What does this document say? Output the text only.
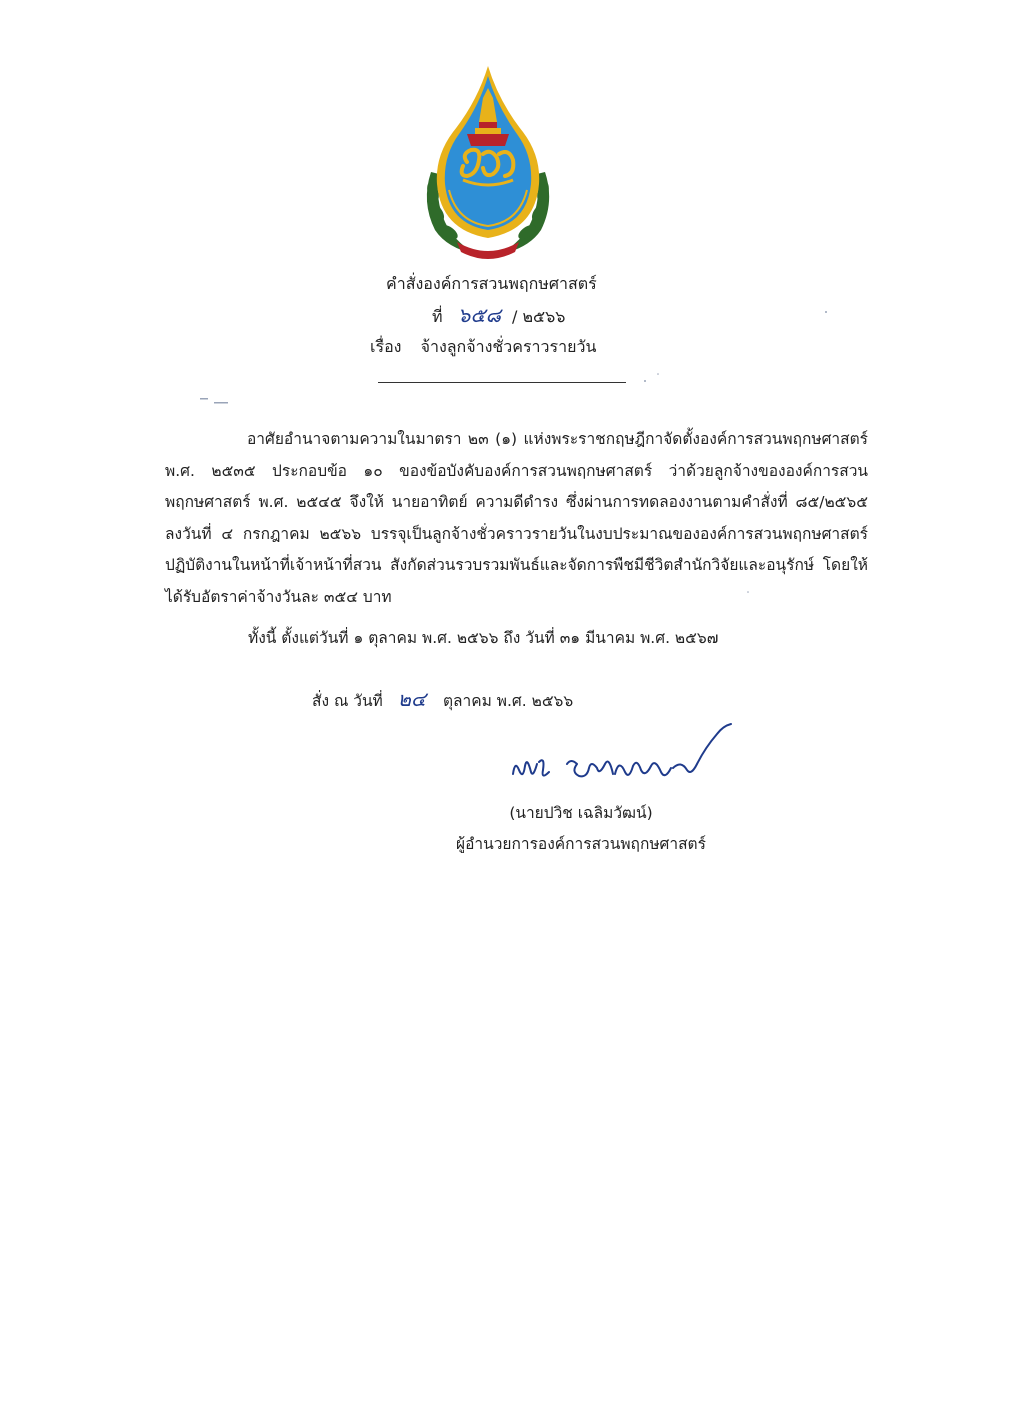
คำสั่งองค์การสวนพฤกษศาสตร์
ที่ ๖๕๘ / ๒๕๖๖
เรื่อง จ้างลูกจ้างชั่วคราวรายวัน

อาศัยอำนาจตามความในมาตรา ๒๓ (๑) แห่งพระราชกฤษฎีกาจัดตั้งองค์การสวนพฤกษศาสตร์ พ.ศ. ๒๕๓๕ ประกอบข้อ ๑๐ ของข้อบังคับองค์การสวนพฤกษศาสตร์ ว่าด้วยลูกจ้างขององค์การสวนพฤกษศาสตร์ พ.ศ. ๒๕๔๕ จึงให้ นายอาทิตย์ ความดีดำรง ซึ่งผ่านการทดลองงานตามคำสั่งที่ ๘๕/๒๕๖๕ ลงวันที่ ๔ กรกฎาคม ๒๕๖๖ บรรจุเป็นลูกจ้างชั่วคราวรายวันในงบประมาณขององค์การสวนพฤกษศาสตร์ ปฏิบัติงานในหน้าที่เจ้าหน้าที่สวน สังกัดส่วนรวบรวมพันธ์และจัดการพืชมีชีวิตสำนักวิจัยและอนุรักษ์ โดยให้ได้รับอัตราค่าจ้างวันละ ๓๕๔ บาท

ทั้งนี้ ตั้งแต่วันที่ ๑ ตุลาคม พ.ศ. ๒๕๖๖ ถึง วันที่ ๓๑ มีนาคม พ.ศ. ๒๕๖๗
สั่ง ณ วันที่ ๒๔ ตุลาคม พ.ศ. ๒๕๖๖
(นายปวิช เฉลิมวัฒน์)
ผู้อำนวยการองค์การสวนพฤกษศาสตร์
